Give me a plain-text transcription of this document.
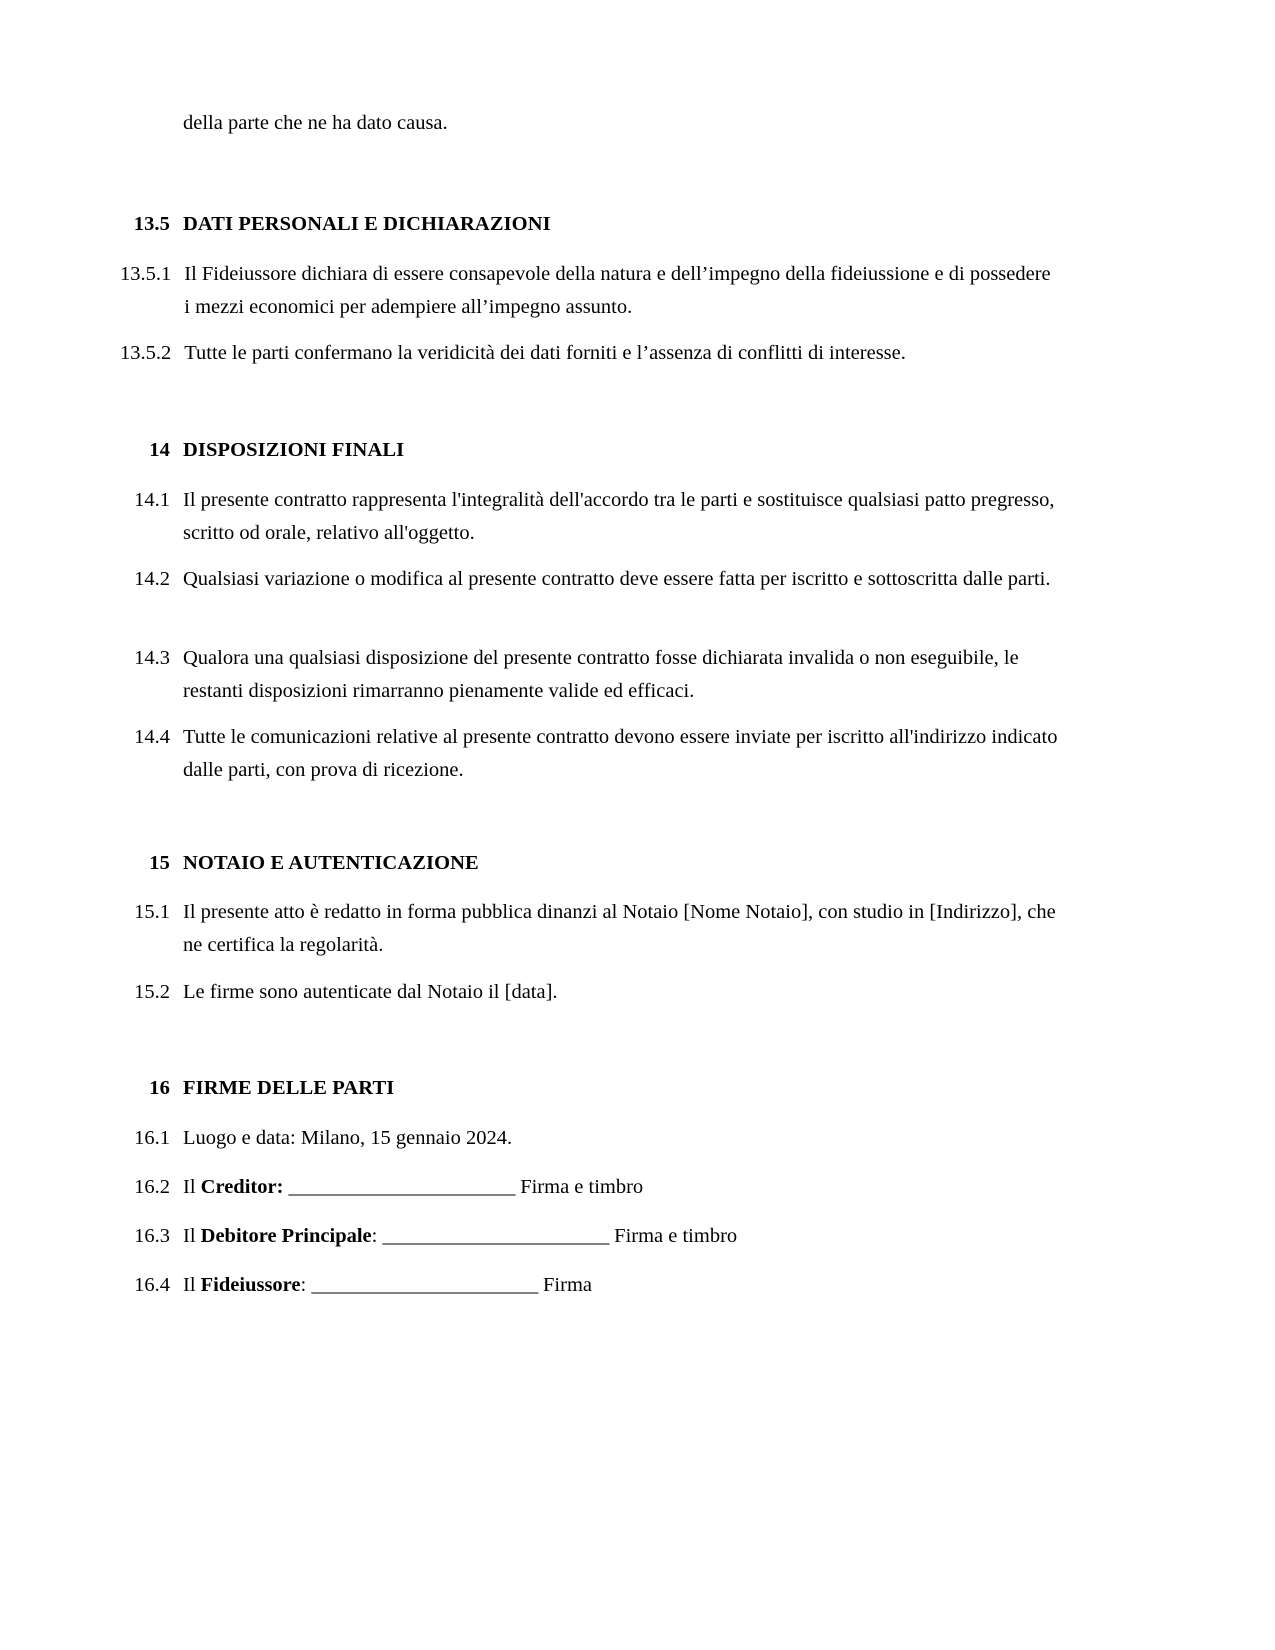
della parte che ne ha dato causa.
13.5 DATI PERSONALI E DICHIARAZIONI
13.5.1 Il Fideiussore dichiara di essere consapevole della natura e dell’impegno della fideiussione e di possedere i mezzi economici per adempiere all’impegno assunto.
13.5.2 Tutte le parti confermano la veridicità dei dati forniti e l’assenza di conflitti di interesse.
14 DISPOSIZIONI FINALI
14.1 Il presente contratto rappresenta l'integralità dell'accordo tra le parti e sostituisce qualsiasi patto pregresso, scritto od orale, relativo all'oggetto.
14.2 Qualsiasi variazione o modifica al presente contratto deve essere fatta per iscritto e sottoscritta dalle parti.
14.3 Qualora una qualsiasi disposizione del presente contratto fosse dichiarata invalida o non eseguibile, le restanti disposizioni rimarranno pienamente valide ed efficaci.
14.4 Tutte le comunicazioni relative al presente contratto devono essere inviate per iscritto all'indirizzo indicato dalle parti, con prova di ricezione.
15 NOTAIO E AUTENTICAZIONE
15.1 Il presente atto è redatto in forma pubblica dinanzi al Notaio [Nome Notaio], con studio in [Indirizzo], che ne certifica la regolarità.
15.2 Le firme sono autenticate dal Notaio il [data].
16 FIRME DELLE PARTI
16.1 Luogo e data: Milano, 15 gennaio 2024.
16.2 Il Creditor: _______________________ Firma e timbro
16.3 Il Debitore Principale: _______________________ Firma e timbro
16.4 Il Fideiussore: _______________________ Firma
